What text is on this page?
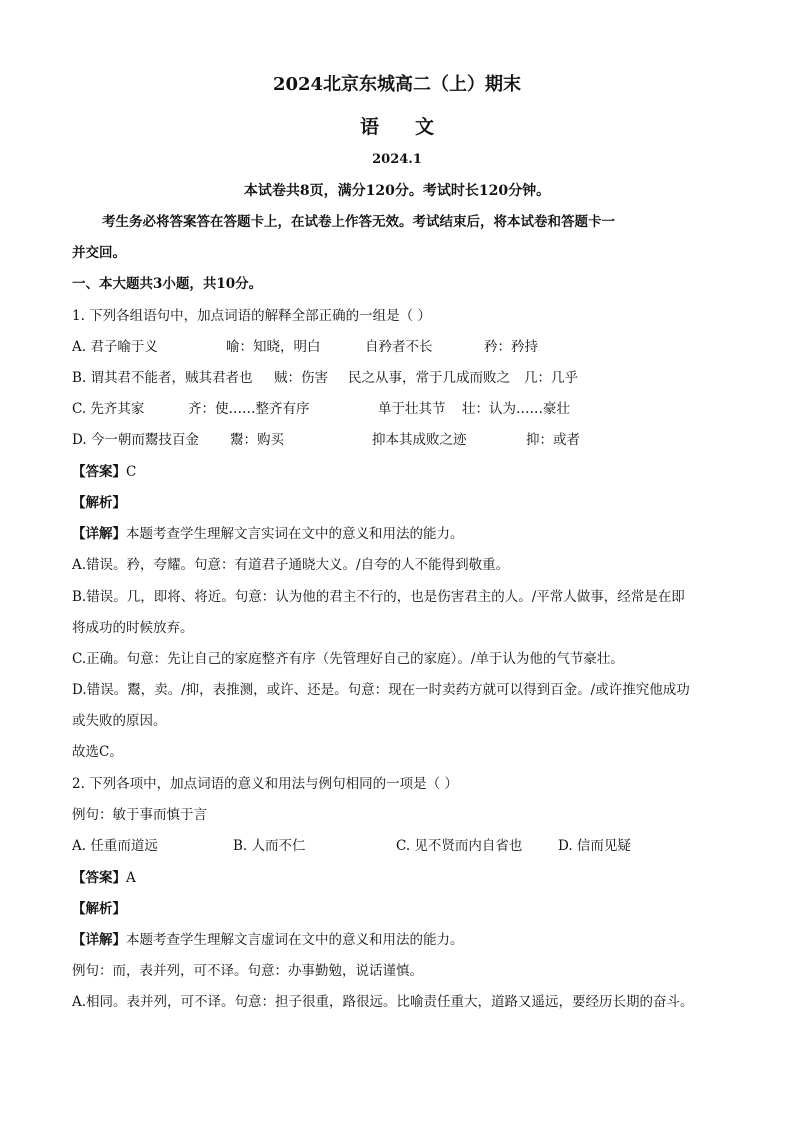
2024北京东城高二（上）期末
语文
2024.1
本试卷共8页，满分120分。考试时长120分钟。
考生务必将答案答在答题卡上，在试卷上作答无效。考试结束后，将本试卷和答题卡一
并交回。
一、本大题共3小题，共10分。
1. 下列各组语句中，加点词语的解释全部正确的一组是（ ）
A. 君子喻于义	喻：知晓，明白	自矜者不长	矜：矜持
B. 谓其君不能者，贼其君者也 贼：伤害 民之从事，常于几成而败之 几：几乎
C. 先齐其家	齐：使……整齐有序	单于壮其节 壮：认为……豪壮
D. 今一朝而鬻技百金 鬻：购买	抑本其成败之迹	抑：或者
【答案】C
【解析】
【详解】本题考查学生理解文言实词在文中的意义和用法的能力。
A.错误。矜，夸耀。句意：有道君子通晓大义。/自夸的人不能得到敬重。
B.错误。几，即将、将近。句意：认为他的君主不行的，也是伤害君主的人。/平常人做事，经常是在即
将成功的时候放弃。
C.正确。句意：先让自己的家庭整齐有序（先管理好自己的家庭）。/单于认为他的气节豪壮。
D.错误。鬻，卖。/抑，表推测，或许、还是。句意：现在一时卖药方就可以得到百金。/或许推究他成功
或失败的原因。
故选C。
2. 下列各项中，加点词语的意义和用法与例句相同的一项是（ ）
例句：敏于事而慎于言
A. 任重而道远	B. 人而不仁	C. 见不贤而内自省也	D. 信而见疑
【答案】A
【解析】
【详解】本题考查学生理解文言虚词在文中的意义和用法的能力。
例句：而，表并列，可不译。句意：办事勤勉，说话谨慎。
A.相同。表并列，可不译。句意：担子很重，路很远。比喻责任重大，道路又遥远，要经历长期的奋斗。
